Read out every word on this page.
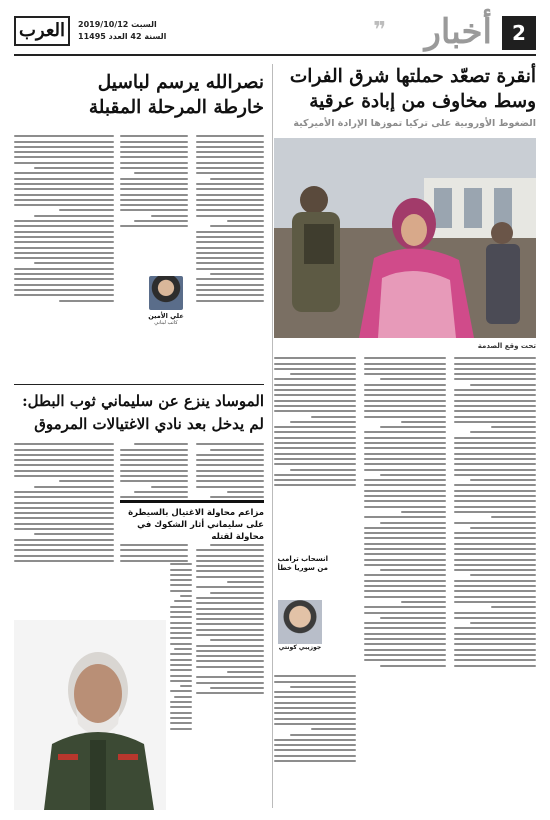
2
أخبار
❞
العرب	السبت 2019/10/12
السنة 42 العدد 11495
أنقرة تصعّد حملتها شرق الفرات
وسط مخاوف من إبادة عرقية
الضغوط الأوروبية على تركيا تموزها الإرادة الأميركية
تحت وقع الصدمة
نصرالله يرسم لباسيل
خارطة المرحلة المقبلة
علي الأمين
كاتب لبناني
انسحاب ترامب من سوريا خطأ
جوزيبي كونتي
الموساد ينزع عن سليماني ثوب البطل:
لم يدخل بعد نادي الاغتيالات المرموق
مزاعم محاولة الاغتيال بالسيطرة على سليماني أثار الشكوك في محاولة لقتله
